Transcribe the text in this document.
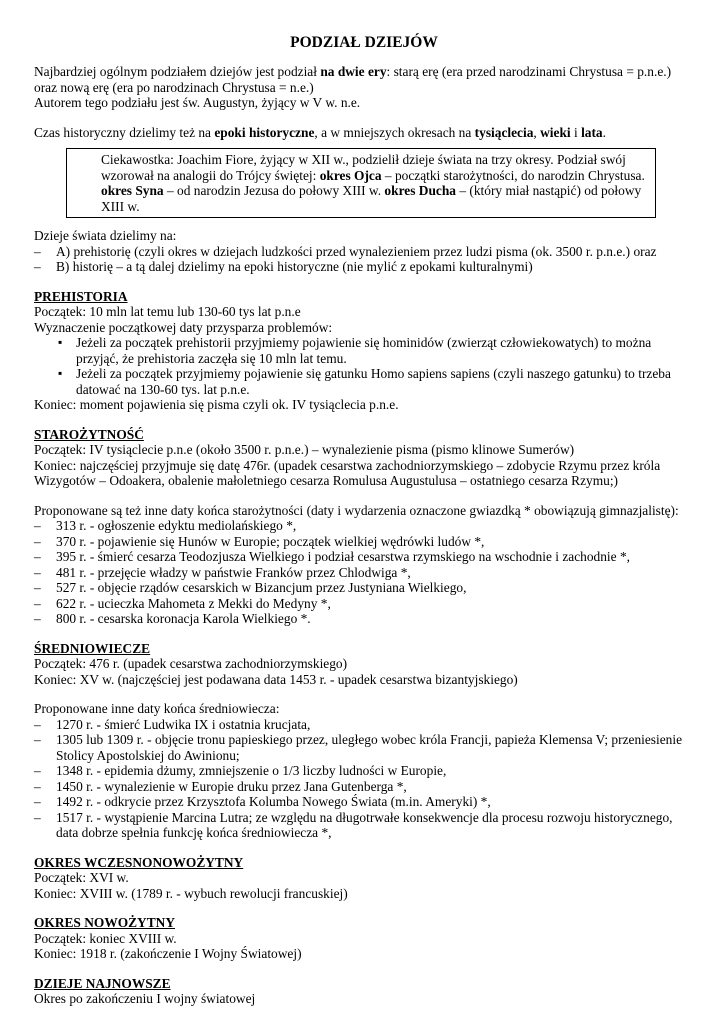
PODZIAŁ DZIEJÓW

Najbardziej ogólnym podziałem dziejów jest podział na dwie ery: starą erę (era przed narodzinami Chrystusa = p.n.e.)

oraz nową erę (era po narodzinach Chrystusa = n.e.)

Autorem tego podziału jest św. Augustyn, żyjący w V w. n.e.

Czas historyczny dzielimy też na epoki historyczne, a w mniejszych okresach na tysiąclecia, wieki i lata.

Ciekawostka: Joachim Fiore, żyjący w XII w., podzielił dzieje świata na trzy okresy. Podział swój wzorował na analogii do Trójcy świętej: okres Ojca – początki starożytności, do narodzin Chrystusa. okres Syna – od narodzin Jezusa do połowy XIII w. okres Ducha – (który miał nastąpić) od połowy XIII w.

Dzieje świata dzielimy na:

– A) prehistorię (czyli okres w dziejach ludzkości przed wynalezieniem przez ludzi pisma (ok. 3500 r. p.n.e.) oraz
– B) historię – a tą dalej dzielimy na epoki historyczne (nie mylić z epokami kulturalnymi)

PREHISTORIA

Początek: 10 mln lat temu lub 130-60 tys lat p.n.e

Wyznaczenie początkowej daty przysparza problemów:

▪ Jeżeli za początek prehistorii przyjmiemy pojawienie się hominidów (zwierząt człowiekowatych) to można przyjąć, że prehistoria zaczęła się 10 mln lat temu.
▪ Jeżeli za początek przyjmiemy pojawienie się gatunku Homo sapiens sapiens (czyli naszego gatunku) to trzeba datować na 130-60 tys. lat p.n.e.

Koniec: moment pojawienia się pisma czyli ok. IV tysiąclecia p.n.e.

STAROŻYTNOŚĆ

Początek: IV tysiąclecie p.n.e (około 3500 r. p.n.e.) – wynalezienie pisma (pismo klinowe Sumerów)

Koniec: najczęściej przyjmuje się datę 476r. (upadek cesarstwa zachodniorzymskiego – zdobycie Rzymu przez króla Wizygotów – Odoakera, obalenie małoletniego cesarza Romulusa Augustulusa – ostatniego cesarza Rzymu;)

Proponowane są też inne daty końca starożytności (daty i wydarzenia oznaczone gwiazdką * obowiązują gimnazjalistę):

– 313 r. - ogłoszenie edyktu mediolańskiego *,
– 370 r. - pojawienie się Hunów w Europie; początek wielkiej wędrówki ludów *,
– 395 r. - śmierć cesarza Teodozjusza Wielkiego i podział cesarstwa rzymskiego na wschodnie i zachodnie *,
– 481 r. - przejęcie władzy w państwie Franków przez Chlodwiga *,
– 527 r. - objęcie rządów cesarskich w Bizancjum przez Justyniana Wielkiego,
– 622 r. - ucieczka Mahometa z Mekki do Medyny *,
– 800 r. - cesarska koronacja Karola Wielkiego *.

ŚREDNIOWIECZE

Początek: 476 r. (upadek cesarstwa zachodniorzymskiego)

Koniec: XV w. (najczęściej jest podawana data 1453 r. - upadek cesarstwa bizantyjskiego)

Proponowane inne daty końca średniowiecza:

– 1270 r. - śmierć Ludwika IX i ostatnia krucjata,
– 1305 lub 1309 r. - objęcie tronu papieskiego przez, uległego wobec króla Francji, papieża Klemensa V; przeniesienie Stolicy Apostolskiej do Awinionu;
– 1348 r. - epidemia dżumy, zmniejszenie o 1/3 liczby ludności w Europie,
– 1450 r. - wynalezienie w Europie druku przez Jana Gutenberga *,
– 1492 r. - odkrycie przez Krzysztofa Kolumba Nowego Świata (m.in. Ameryki) *,
– 1517 r. - wystąpienie Marcina Lutra; ze względu na długotrwałe konsekwencje dla procesu rozwoju historycznego, data dobrze spełnia funkcję końca średniowiecza *,

OKRES WCZESNONOWOŻYTNY

Początek: XVI w.

Koniec: XVIII w. (1789 r. - wybuch rewolucji francuskiej)

OKRES NOWOŻYTNY

Początek: koniec XVIII w.

Koniec: 1918 r. (zakończenie I Wojny Światowej)

DZIEJE NAJNOWSZE

Okres po zakończeniu I wojny światowej
